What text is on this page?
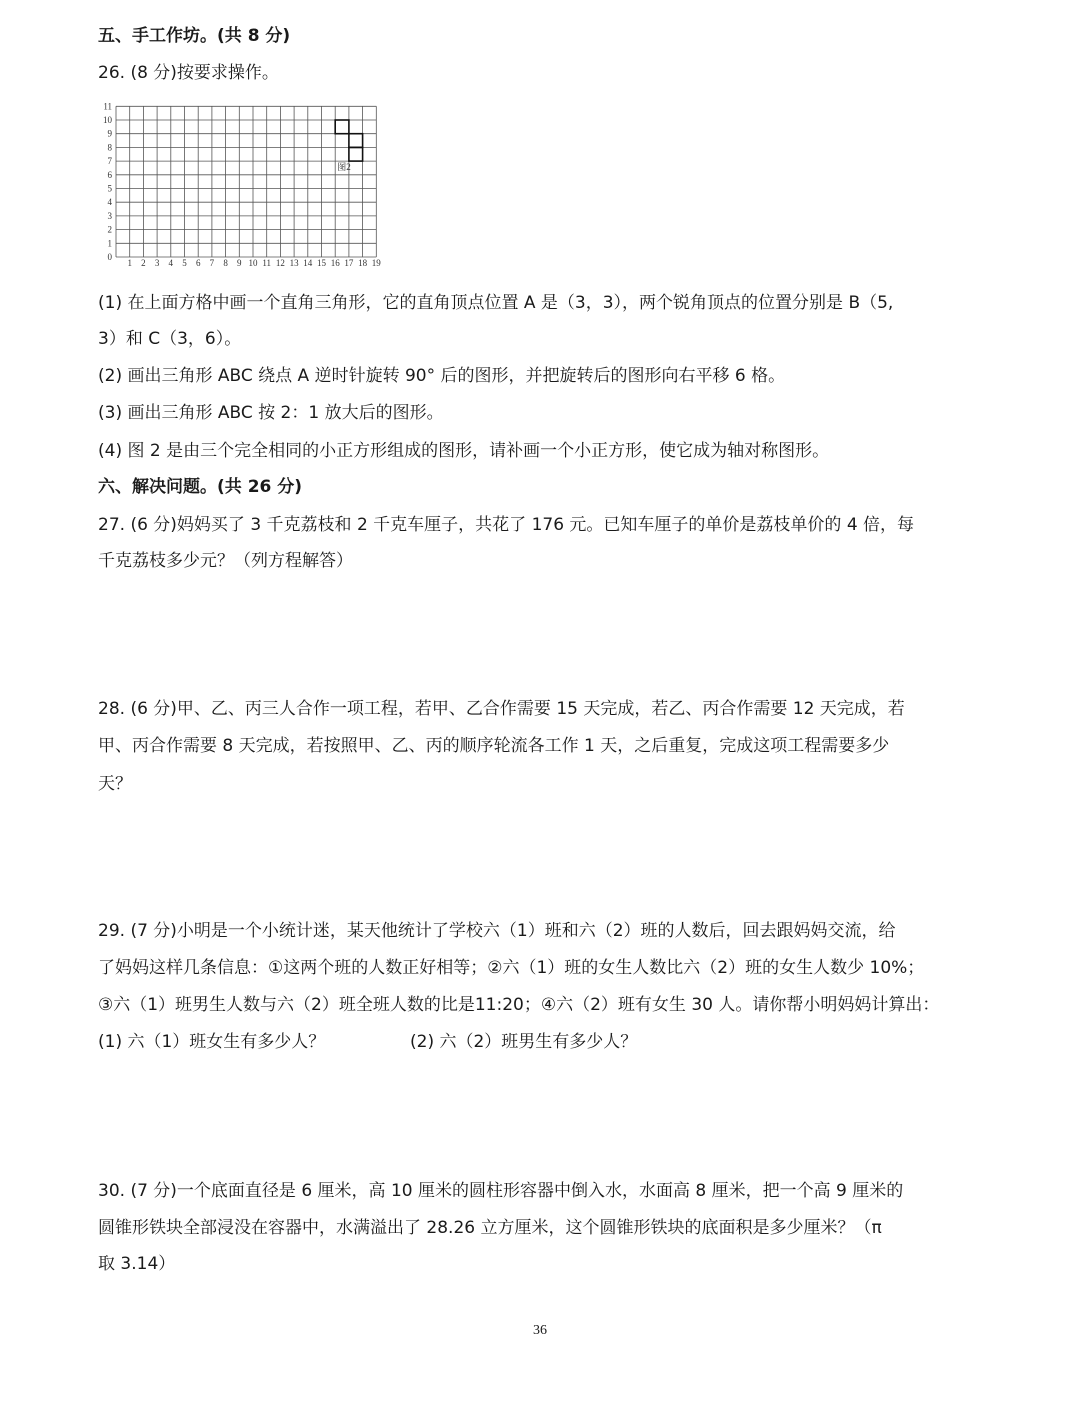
五、手工作坊。(共 8 分)
26. (8 分)按要求操作。
1 2 3 4 5 6 7 8 9 10 11 12 13 14 15 16 17 18 19
0
1
2
3
4
5
6
7
8
9
10
11
图2
(1) 在上面方格中画一个直角三角形，它的直角顶点位置 A 是（3，3），两个锐角顶点的位置分别是 B（5,
3）和 C（3，6）。
(2) 画出三角形 ABC 绕点 A 逆时针旋转 90° 后的图形，并把旋转后的图形向右平移 6 格。
(3) 画出三角形 ABC 按 2：1 放大后的图形。
(4) 图 2 是由三个完全相同的小正方形组成的图形，请补画一个小正方形，使它成为轴对称图形。
六、解决问题。(共 26 分)
27. (6 分)妈妈买了 3 千克荔枝和 2 千克车厘子，共花了 176 元。已知车厘子的单价是荔枝单价的 4 倍，每
千克荔枝多少元？（列方程解答）
28. (6 分)甲、乙、丙三人合作一项工程，若甲、乙合作需要 15 天完成，若乙、丙合作需要 12 天完成，若
甲、丙合作需要 8 天完成，若按照甲、乙、丙的顺序轮流各工作 1 天，之后重复，完成这项工程需要多少
天？
29. (7 分)小明是一个小统计迷，某天他统计了学校六（1）班和六（2）班的人数后，回去跟妈妈交流，给
了妈妈这样几条信息：①这两个班的人数正好相等；②六（1）班的女生人数比六（2）班的女生人数少 10%；
③六（1）班男生人数与六（2）班全班人数的比是11:20；④六（2）班有女生 30 人。请你帮小明妈妈计算出：
(1) 六（1）班女生有多少人？	(2) 六（2）班男生有多少人？
30. (7 分)一个底面直径是 6 厘米，高 10 厘米的圆柱形容器中倒入水，水面高 8 厘米，把一个高 9 厘米的
圆锥形铁块全部浸没在容器中，水满溢出了 28.26 立方厘米，这个圆锥形铁块的底面积是多少厘米？（π
取 3.14）
36
